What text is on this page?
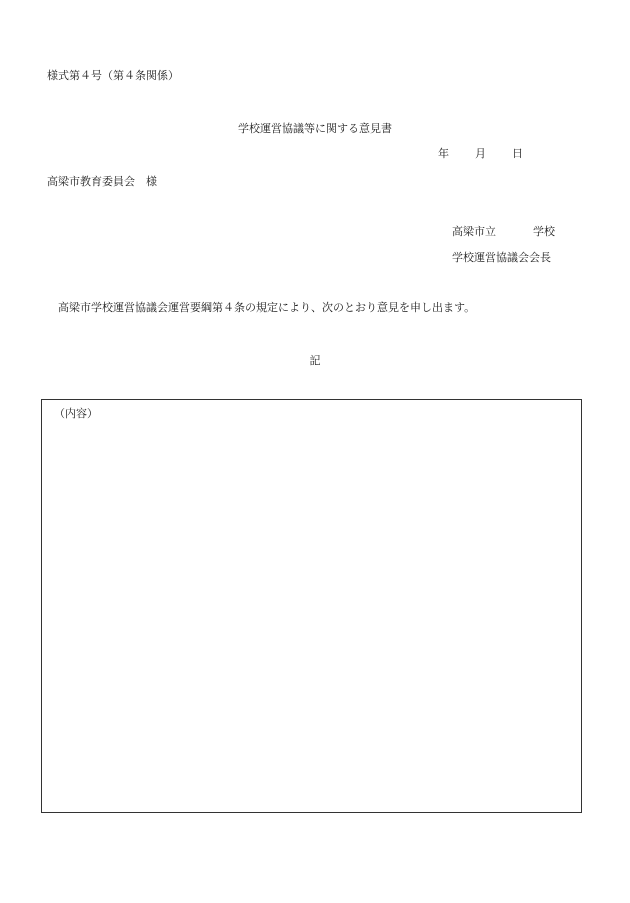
様式第４号（第４条関係）
学校運営協議等に関する意見書
年 月 日
高梁市教育委員会　様
高梁市立	学校
学校運営協議会会長
高梁市学校運営協議会運営要綱第４条の規定により、次のとおり意見を申し出ます。
記
（内容）
